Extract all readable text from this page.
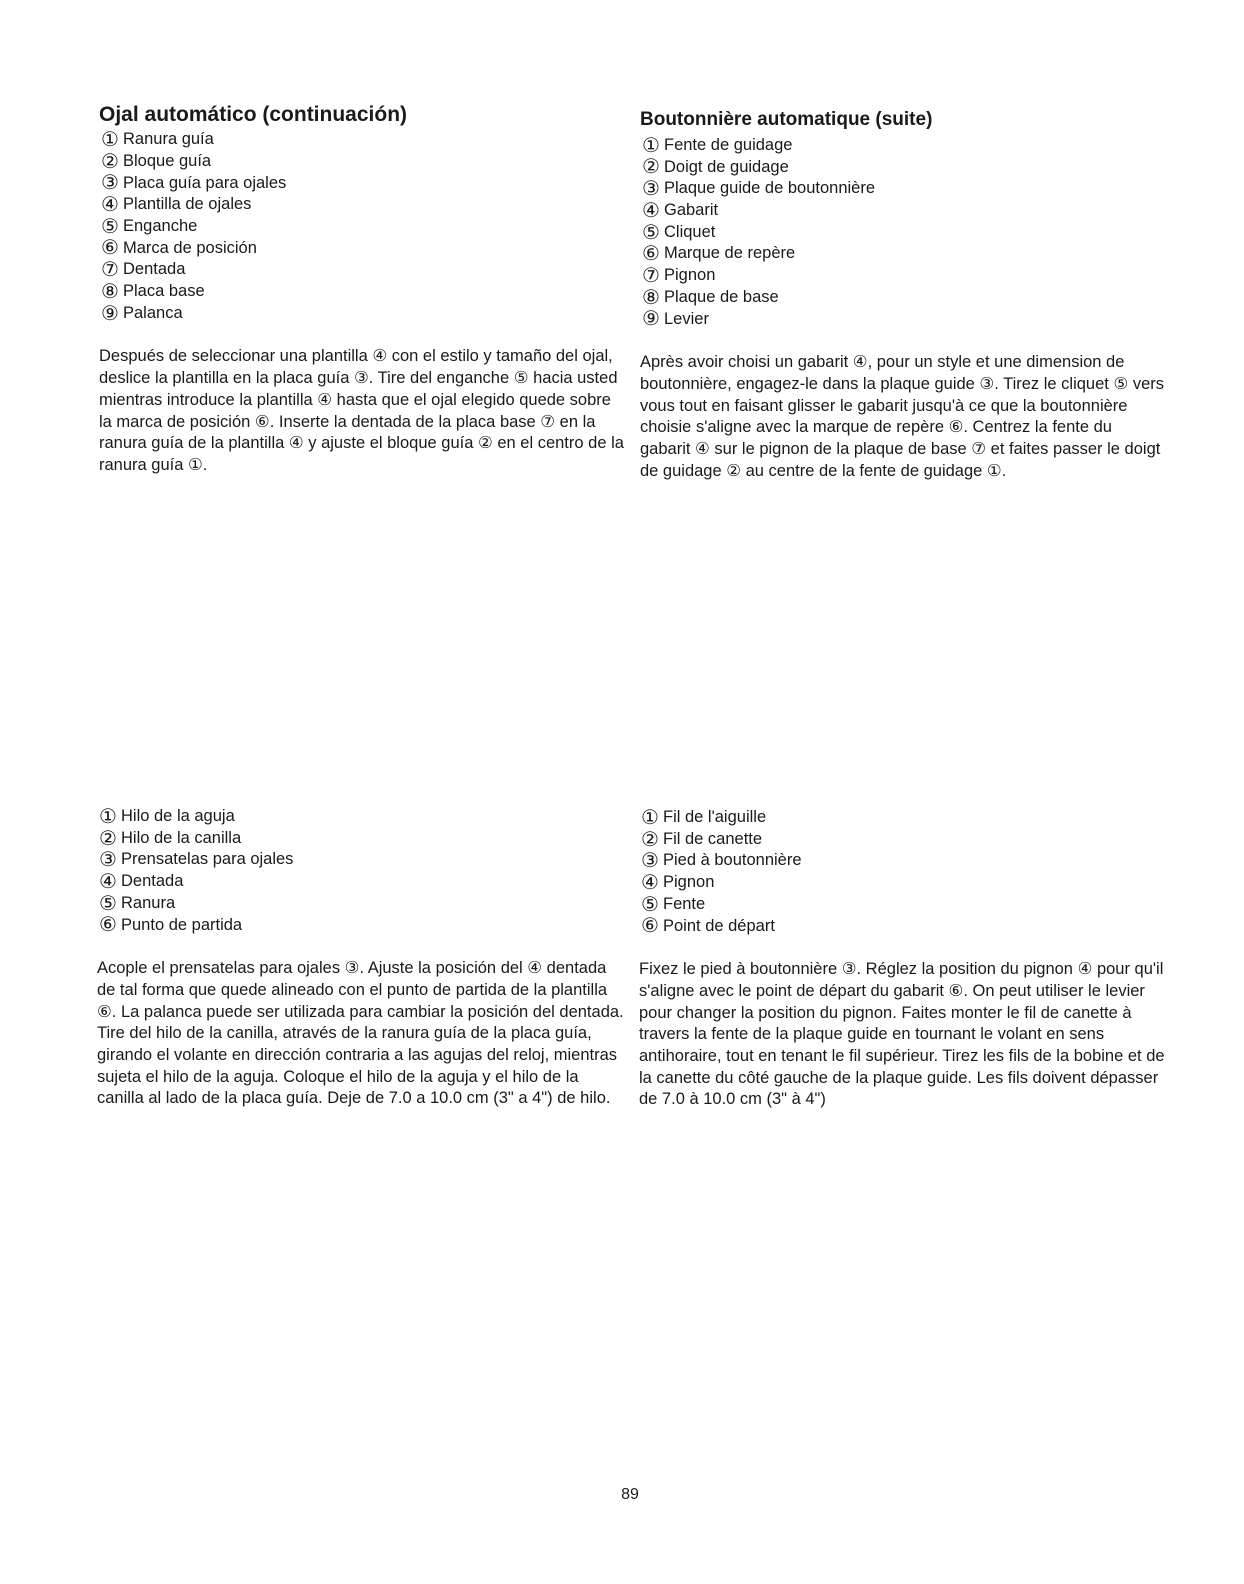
Ojal automático (continuación)
① Ranura guía
② Bloque guía
③ Placa guía para ojales
④ Plantilla de ojales
⑤ Enganche
⑥ Marca de posición
⑦ Dentada
⑧ Placa base
⑨ Palanca

Después de seleccionar una plantilla ④ con el estilo y tamaño del ojal, deslice la plantilla en la placa guía ③. Tire del enganche ⑤ hacia usted mientras introduce la plantilla ④ hasta que el ojal elegido quede sobre la marca de posición ⑥. Inserte la dentada de la placa base ⑦ en la ranura guía de la plantilla ④ y ajuste el bloque guía ② en el centro de la ranura guía ①.

Boutonnière automatique (suite)
① Fente de guidage
② Doigt de guidage
③ Plaque guide de boutonnière
④ Gabarit
⑤ Cliquet
⑥ Marque de repère
⑦ Pignon
⑧ Plaque de base
⑨ Levier

Après avoir choisi un gabarit ④, pour un style et une dimension de boutonnière, engagez-le dans la plaque guide ③. Tirez le cliquet ⑤ vers vous tout en faisant glisser le gabarit jusqu'à ce que la boutonnière choisie s'aligne avec la marque de repère ⑥. Centrez la fente du gabarit ④ sur le pignon de la plaque de base ⑦ et faites passer le doigt de guidage ② au centre de la fente de guidage ①.

① Hilo de la aguja
② Hilo de la canilla
③ Prensatelas para ojales
④ Dentada
⑤ Ranura
⑥ Punto de partida

Acople el prensatelas para ojales ③. Ajuste la posición del ④ dentada de tal forma que quede alineado con el punto de partida de la plantilla ⑥. La palanca puede ser utilizada para cambiar la posición del dentada. Tire del hilo de la canilla, através de la ranura guía de la placa guía, girando el volante en dirección contraria a las agujas del reloj, mientras sujeta el hilo de la aguja. Coloque el hilo de la aguja y el hilo de la canilla al lado de la placa guía. Deje de 7.0 a 10.0 cm (3" a 4") de hilo.

① Fil de l'aiguille
② Fil de canette
③ Pied à boutonnière
④ Pignon
⑤ Fente
⑥ Point de départ

Fixez le pied à boutonnière ③. Réglez la position du pignon ④ pour qu'il s'aligne avec le point de départ du gabarit ⑥. On peut utiliser le levier pour changer la position du pignon. Faites monter le fil de canette à travers la fente de la plaque guide en tournant le volant en sens antihoraire, tout en tenant le fil supérieur. Tirez les fils de la bobine et de la canette du côté gauche de la plaque guide. Les fils doivent dépasser de 7.0 à 10.0 cm (3" à 4")

89
